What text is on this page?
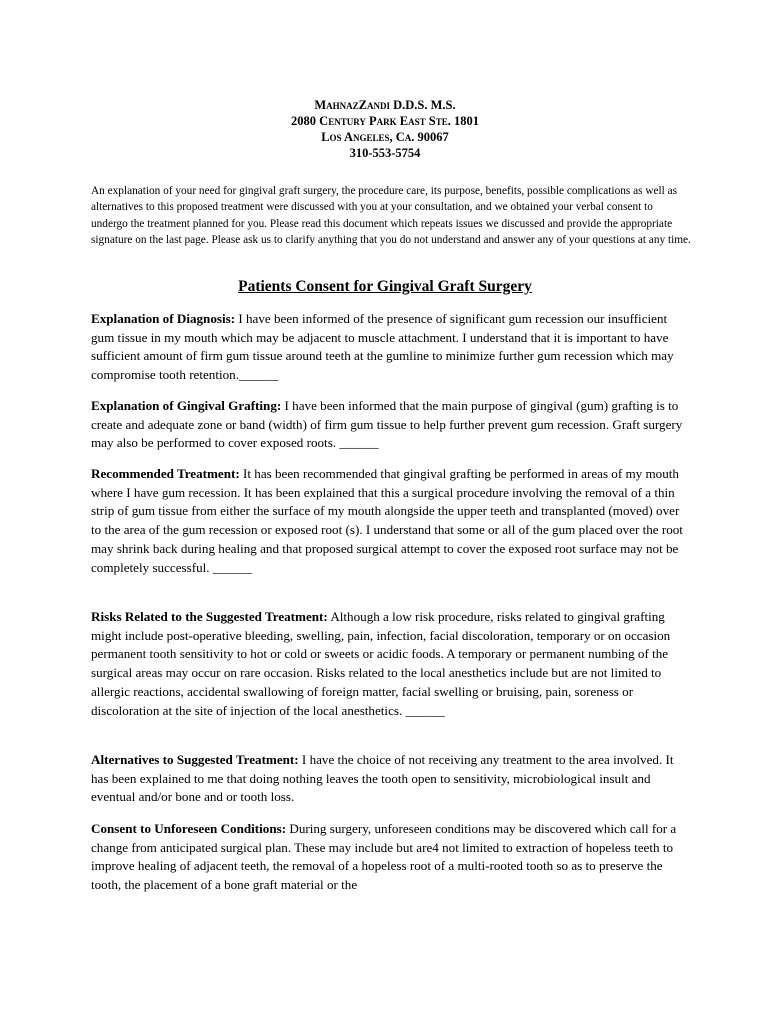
MahnazZandi D.D.S. M.S.
2080 Century Park East Ste. 1801
Los Angeles, Ca. 90067
310-553-5754
An explanation of your need for gingival graft surgery, the procedure care, its purpose, benefits, possible complications as well as alternatives to this proposed treatment were discussed with you at your consultation, and we obtained your verbal consent to undergo the treatment planned for you. Please read this document which repeats issues we discussed and provide the appropriate signature on the last page. Please ask us to clarify anything that you do not understand and answer any of your questions at any time.
Patients Consent for Gingival Graft Surgery
Explanation of Diagnosis: I have been informed of the presence of significant gum recession our insufficient gum tissue in my mouth which may be adjacent to muscle attachment. I understand that it is important to have sufficient amount of firm gum tissue around teeth at the gumline to minimize further gum recession which may compromise tooth retention.______
Explanation of Gingival Grafting: I have been informed that the main purpose of gingival (gum) grafting is to create and adequate zone or band (width) of firm gum tissue to help further prevent gum recession. Graft surgery may also be performed to cover exposed roots. ______
Recommended Treatment: It has been recommended that gingival grafting be performed in areas of my mouth where I have gum recession. It has been explained that this a surgical procedure involving the removal of a thin strip of gum tissue from either the surface of my mouth alongside the upper teeth and transplanted (moved) over to the area of the gum recession or exposed root (s). I understand that some or all of the gum placed over the root may shrink back during healing and that proposed surgical attempt to cover the exposed root surface may not be completely successful. ______
Risks Related to the Suggested Treatment: Although a low risk procedure, risks related to gingival grafting might include post-operative bleeding, swelling, pain, infection, facial discoloration, temporary or on occasion permanent tooth sensitivity to hot or cold or sweets or acidic foods. A temporary or permanent numbing of the surgical areas may occur on rare occasion. Risks related to the local anesthetics include but are not limited to allergic reactions, accidental swallowing of foreign matter, facial swelling or bruising, pain, soreness or discoloration at the site of injection of the local anesthetics. ______
Alternatives to Suggested Treatment: I have the choice of not receiving any treatment to the area involved. It has been explained to me that doing nothing leaves the tooth open to sensitivity, microbiological insult and eventual and/or bone and or tooth loss.
Consent to Unforeseen Conditions: During surgery, unforeseen conditions may be discovered which call for a change from anticipated surgical plan. These may include but are4 not limited to extraction of hopeless teeth to improve healing of adjacent teeth, the removal of a hopeless root of a multi-rooted tooth so as to preserve the tooth, the placement of a bone graft material or the
